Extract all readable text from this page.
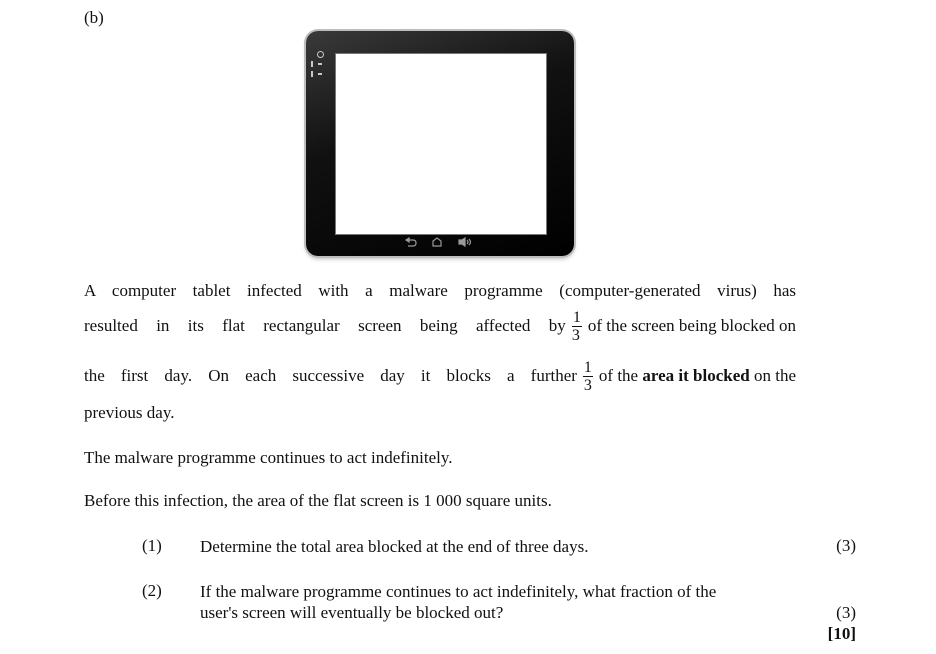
(b)
A computer tablet infected with a malware programme (computer-generated virus) has
resulted in its flat rectangular screen being affected by $\frac{1}{3}$ of the screen being blocked on
the first day. On each successive day it blocks a further $\frac{1}{3}$ of the area it blocked on the
previous day.
The malware programme continues to act indefinitely.
Before this infection, the area of the flat screen is 1 000 square units.
(1) Determine the total area blocked at the end of three days.	(3)
(2) If the malware programme continues to act indefinitely, what fraction of the
user's screen will eventually be blocked out?	(3)
[10]
